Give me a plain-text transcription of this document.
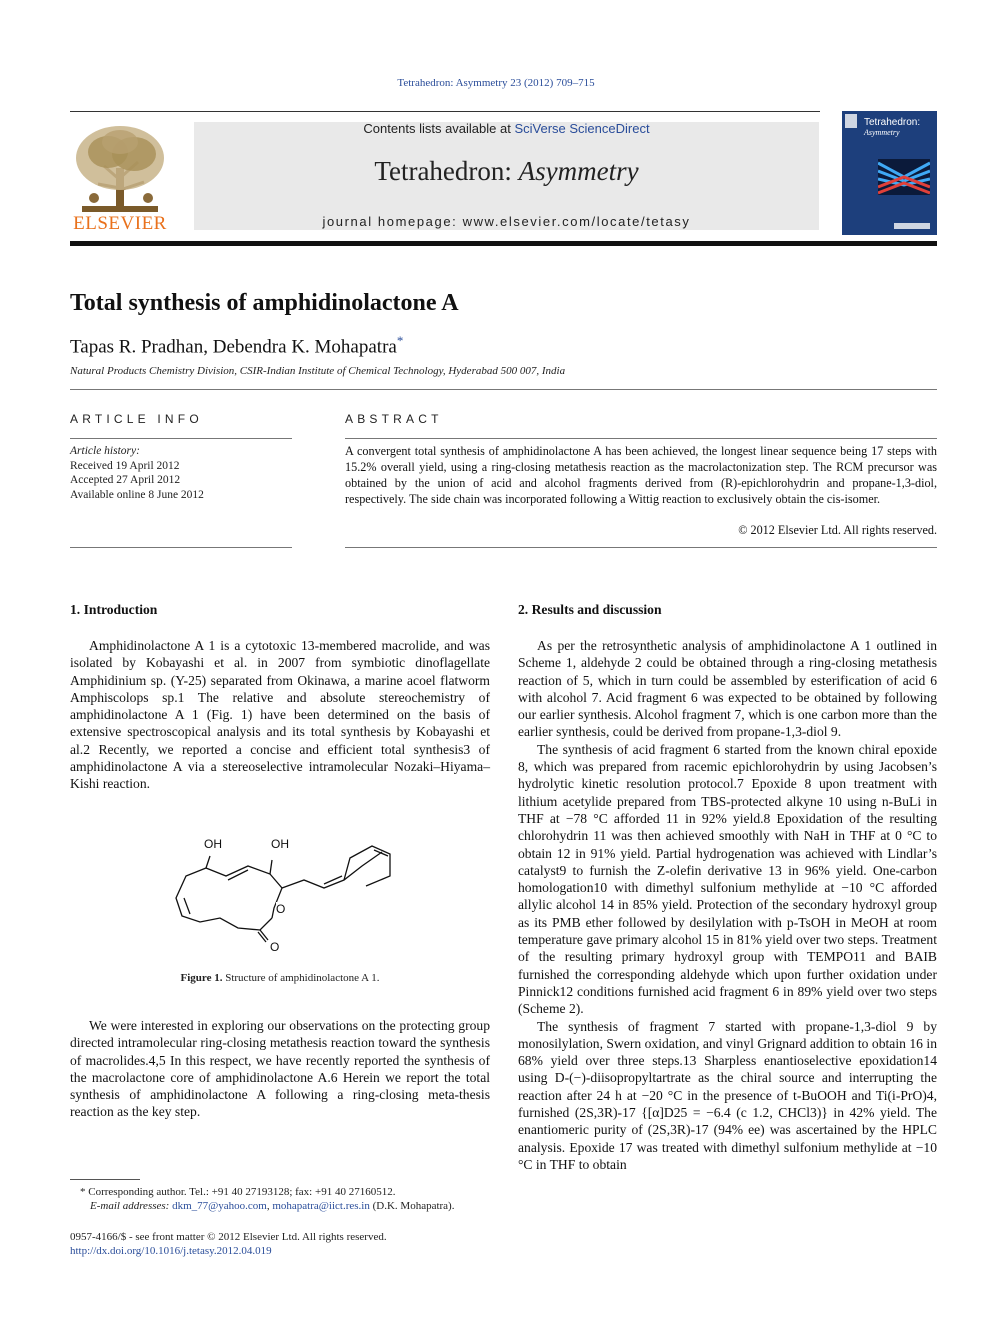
Tetrahedron: Asymmetry 23 (2012) 709–715
ELSEVIER
Contents lists available at SciVerse ScienceDirect
Tetrahedron: Asymmetry
journal homepage: www.elsevier.com/locate/tetasy
Tetrahedron:
Asymmetry
Total synthesis of amphidinolactone A
Tapas R. Pradhan, Debendra K. Mohapatra*
Natural Products Chemistry Division, CSIR-Indian Institute of Chemical Technology, Hyderabad 500 007, India
ARTICLE INFO
Article history:
Received 19 April 2012
Accepted 27 April 2012
Available online 8 June 2012
ABSTRACT
A convergent total synthesis of amphidinolactone A has been achieved, the longest linear sequence being 17 steps with 15.2% overall yield, using a ring-closing metathesis reaction as the macrolactonization step. The RCM precursor was obtained by the union of acid and alcohol fragments derived from (R)-epichlorohydrin and propane-1,3-diol, respectively. The side chain was incorporated following a Wittig reaction to exclusively obtain the cis-isomer.
© 2012 Elsevier Ltd. All rights reserved.
1. Introduction

Amphidinolactone A 1 is a cytotoxic 13-membered macrolide, and was isolated by Kobayashi et al. in 2007 from symbiotic dinoflagellate Amphidinium sp. (Y-25) separated from Okinawa, a marine acoel flatworm Amphiscolops sp.1 The relative and absolute stereochemistry of amphidinolactone A 1 (Fig. 1) have been determined on the basis of extensive spectroscopical analysis and its total synthesis by Kobayashi et al.2 Recently, we reported a concise and efficient total synthesis3 of amphidinolactone A via a stereoselective intramolecular Nozaki–Hiyama–Kishi reaction.

OH	OH
O
O
Figure 1. Structure of amphidinolactone A 1.

We were interested in exploring our observations on the protecting group directed intramolecular ring-closing metathesis reaction toward the synthesis of macrolides.4,5 In this respect, we have recently reported the synthesis of the macrolactone core of amphidinolactone A.6 Herein we report the total synthesis of amphidinolactone A following a ring-closing meta-thesis reaction as the key step.

* Corresponding author. Tel.: +91 40 27193128; fax: +91 40 27160512.
E-mail addresses: dkm_77@yahoo.com, mohapatra@iict.res.in (D.K. Mohapatra).
0957-4166/$ - see front matter © 2012 Elsevier Ltd. All rights reserved.
http://dx.doi.org/10.1016/j.tetasy.2012.04.019
2. Results and discussion

As per the retrosynthetic analysis of amphidinolactone A 1 outlined in Scheme 1, aldehyde 2 could be obtained through a ring-closing metathesis reaction of 5, which in turn could be assembled by esterification of acid 6 with alcohol 7. Acid fragment 6 was expected to be obtained by following our earlier synthesis. Alcohol fragment 7, which is one carbon more than the earlier synthesis, could be derived from propane-1,3-diol 9.

The synthesis of acid fragment 6 started from the known chiral epoxide 8, which was prepared from racemic epichlorohydrin by using Jacobsen’s hydrolytic kinetic resolution protocol.7 Epoxide 8 upon treatment with lithium acetylide prepared from TBS-protected alkyne 10 using n-BuLi in THF at −78 °C afforded 11 in 92% yield.8 Epoxidation of the resulting chlorohydrin 11 was then achieved smoothly with NaH in THF at 0 °C to obtain 12 in 91% yield. Partial hydrogenation was achieved with Lindlar’s catalyst9 to furnish the Z-olefin derivative 13 in 96% yield. One-carbon homologation10 with dimethyl sulfonium methylide at −10 °C afforded allylic alcohol 14 in 85% yield. Protection of the secondary hydroxyl group as its PMB ether followed by desilylation with p-TsOH in MeOH at room temperature gave primary alcohol 15 in 81% yield over two steps. Treatment of the resulting primary hydroxyl group with TEMPO11 and BAIB furnished the corresponding aldehyde which upon further oxidation under Pinnick12 conditions furnished acid fragment 6 in 89% yield over two steps (Scheme 2).

The synthesis of fragment 7 started with propane-1,3-diol 9 by monosilylation, Swern oxidation, and vinyl Grignard addition to obtain 16 in 68% yield over three steps.13 Sharpless enantioselective epoxidation14 using D-(−)-diisopropyltartrate as the chiral source and interrupting the reaction after 24 h at −20 °C in the presence of t-BuOOH and Ti(i-PrO)4, furnished (2S,3R)-17 {[α]D25 = −6.4 (c 1.2, CHCl3)} in 42% yield. The enantiomeric purity of (2S,3R)-17 (94% ee) was ascertained by the HPLC analysis. Epoxide 17 was treated with dimethyl sulfonium methylide at −10 °C in THF to obtain
